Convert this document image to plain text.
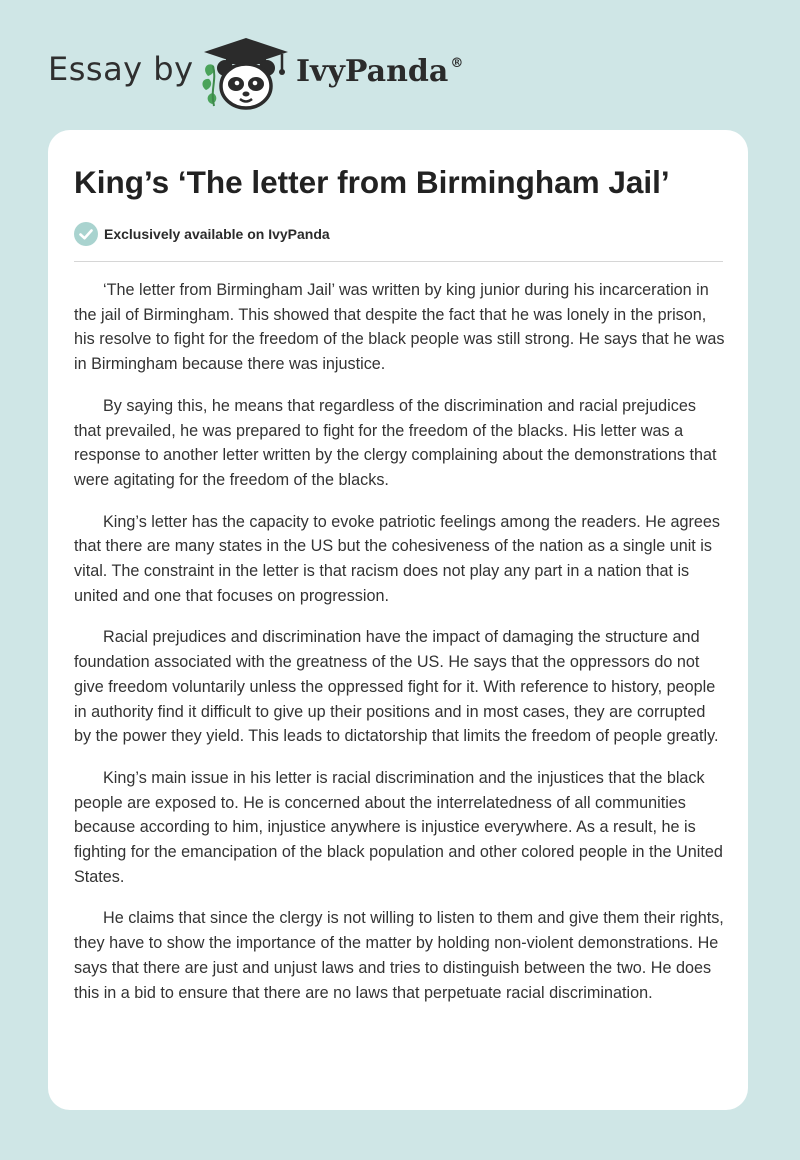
Essay by	IvyPanda ®
King’s ‘The letter from Birmingham Jail’
Exclusively available on IvyPanda

‘The letter from Birmingham Jail’ was written by king junior during his incarceration in the jail of Birmingham. This showed that despite the fact that he was lonely in the prison, his resolve to fight for the freedom of the black people was still strong. He says that he was in Birmingham because there was injustice.

By saying this, he means that regardless of the discrimination and racial prejudices that prevailed, he was prepared to fight for the freedom of the blacks. His letter was a response to another letter written by the clergy complaining about the demonstrations that were agitating for the freedom of the blacks.

King’s letter has the capacity to evoke patriotic feelings among the readers. He agrees that there are many states in the US but the cohesiveness of the nation as a single unit is vital. The constraint in the letter is that racism does not play any part in a nation that is united and one that focuses on progression.

Racial prejudices and discrimination have the impact of damaging the structure and foundation associated with the greatness of the US. He says that the oppressors do not give freedom voluntarily unless the oppressed fight for it. With reference to history, people in authority find it difficult to give up their positions and in most cases, they are corrupted by the power they yield. This leads to dictatorship that limits the freedom of people greatly.

King’s main issue in his letter is racial discrimination and the injustices that the black people are exposed to. He is concerned about the interrelatedness of all communities because according to him, injustice anywhere is injustice everywhere. As a result, he is fighting for the emancipation of the black population and other colored people in the United States.

He claims that since the clergy is not willing to listen to them and give them their rights, they have to show the importance of the matter by holding non-violent demonstrations. He says that there are just and unjust laws and tries to distinguish between the two. He does this in a bid to ensure that there are no laws that perpetuate racial discrimination.
